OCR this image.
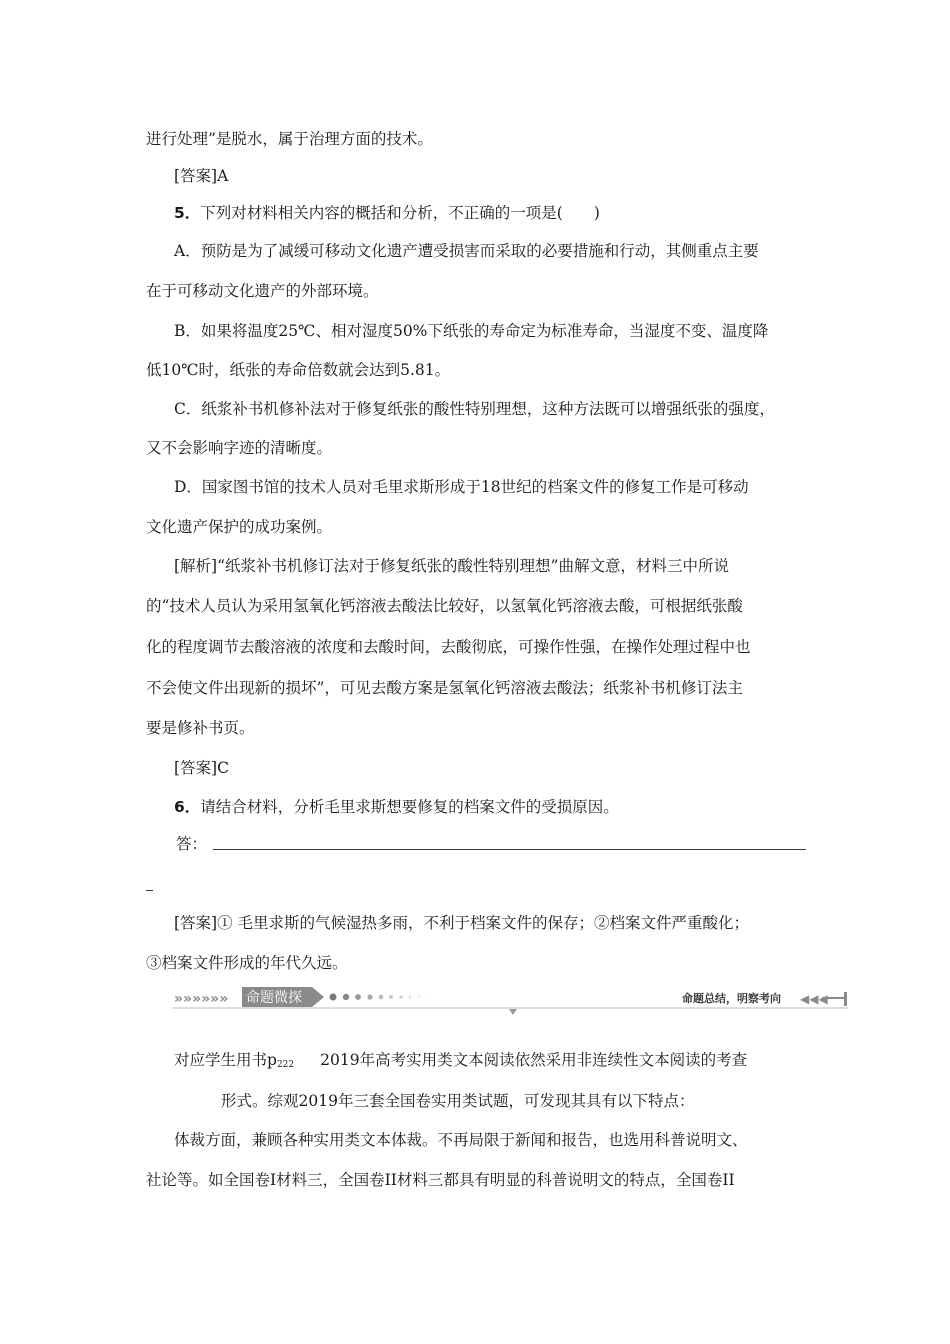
进行处理”是脱水，属于治理方面的技术。
[答案]A
5．下列对材料相关内容的概括和分析，不正确的一项是(　　)
A．预防是为了减缓可移动文化遗产遭受损害而采取的必要措施和行动，其侧重点主要
在于可移动文化遗产的外部环境。
B．如果将温度25℃、相对湿度50%下纸张的寿命定为标准寿命，当湿度不变、温度降
低10℃时，纸张的寿命倍数就会达到5.81。
C．纸浆补书机修补法对于修复纸张的酸性特别理想，这种方法既可以增强纸张的强度，
又不会影响字迹的清晰度。
D．国家图书馆的技术人员对毛里求斯形成于18世纪的档案文件的修复工作是可移动
文化遗产保护的成功案例。
[解析]“纸浆补书机修订法对于修复纸张的酸性特别理想”曲解文意，材料三中所说
的“技术人员认为采用氢氧化钙溶液去酸法比较好，以氢氧化钙溶液去酸，可根据纸张酸
化的程度调节去酸溶液的浓度和去酸时间，去酸彻底，可操作性强，在操作处理过程中也
不会使文件出现新的损坏”，可见去酸方案是氢氧化钙溶液去酸法；纸浆补书机修订法主
要是修补书页。
[答案]C
6．请结合材料，分析毛里求斯想要修复的档案文件的受损原因。
答：
[答案]① 毛里求斯的气候湿热多雨，不利于档案文件的保存；②档案文件严重酸化；
③档案文件形成的年代久远。
»»»»»» 命题微探	命题总结，明察考向 ◀◀◀
对应学生用书$p_{222}$ 2019年高考实用类文本阅读依然采用非连续性文本阅读的考查
形式。综观2019年三套全国卷实用类试题，可发现其具有以下特点：
体裁方面，兼顾各种实用类文本体裁。不再局限于新闻和报告，也选用科普说明文、
社论等。如全国卷Ⅰ材料三，全国卷II材料三都具有明显的科普说明文的特点，全国卷II
